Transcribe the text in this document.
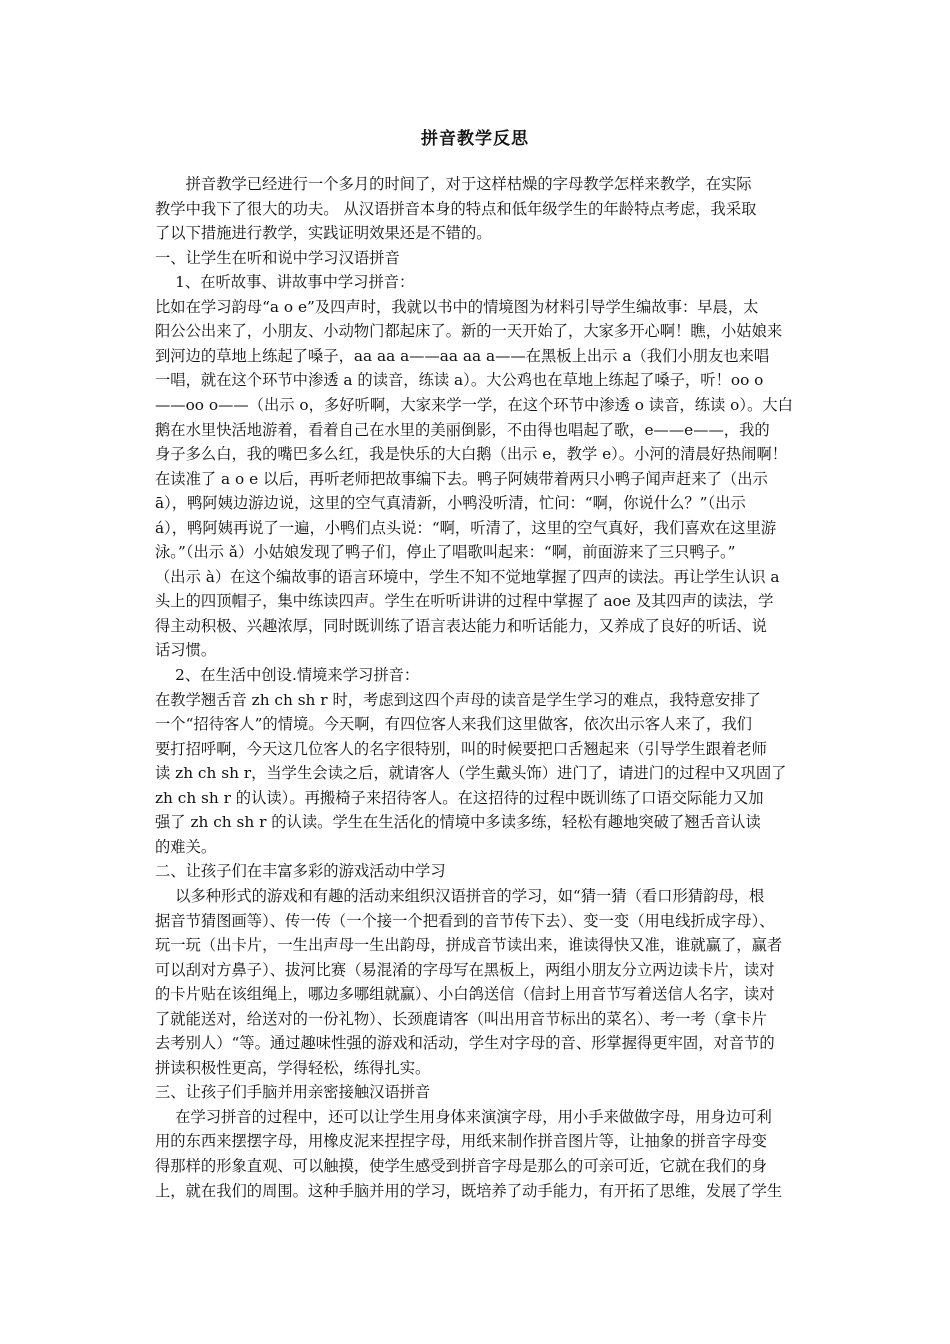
拼音教学反思
　　拼音教学已经进行一个多月的时间了，对于这样枯燥的字母教学怎样来教学，在实际
教学中我下了很大的功夫。 从汉语拼音本身的特点和低年级学生的年龄特点考虑，我采取
了以下措施进行教学，实践证明效果还是不错的。
一、让学生在听和说中学习汉语拼音
　 1、在听故事、讲故事中学习拼音：
比如在学习韵母“a o e”及四声时，我就以书中的情境图为材料引导学生编故事：早晨，太
阳公公出来了，小朋友、小动物门都起床了。新的一天开始了，大家多开心啊！瞧，小姑娘来
到河边的草地上练起了嗓子，aa aa a——aa aa a——在黑板上出示 a（我们小朋友也来唱
一唱，就在这个环节中渗透 a 的读音，练读 a）。大公鸡也在草地上练起了嗓子，听！oo o
——oo o——（出示 o，多好听啊，大家来学一学，在这个环节中渗透 o 读音，练读 o）。大白
鹅在水里快活地游着，看着自己在水里的美丽倒影，不由得也唱起了歌，e——e——，我的
身子多么白，我的嘴巴多么红，我是快乐的大白鹅（出示 e，教学 e）。小河的清晨好热闹啊！
在读准了 a o e 以后，再听老师把故事编下去。鸭子阿姨带着两只小鸭子闻声赶来了（出示
ā），鸭阿姨边游边说，这里的空气真清新，小鸭没听清，忙问：“啊，你说什么？”（出示
á），鸭阿姨再说了一遍，小鸭们点头说：“啊，听清了，这里的空气真好，我们喜欢在这里游
泳。”（出示 ǎ）小姑娘发现了鸭子们，停止了唱歌叫起来：“啊，前面游来了三只鸭子。”
（出示 à）在这个编故事的语言环境中，学生不知不觉地掌握了四声的读法。再让学生认识 a
头上的四顶帽子，集中练读四声。学生在听听讲讲的过程中掌握了 aoe 及其四声的读法，学
得主动积极、兴趣浓厚，同时既训练了语言表达能力和听话能力，又养成了良好的听话、说
话习惯。
　 2、在生活中创设.情境来学习拼音：
在教学翘舌音 zh ch sh r 时，考虑到这四个声母的读音是学生学习的难点，我特意安排了
一个“招待客人”的情境。今天啊，有四位客人来我们这里做客，依次出示客人来了，我们
要打招呼啊，今天这几位客人的名字很特别，叫的时候要把口舌翘起来（引导学生跟着老师
读 zh ch sh r，当学生会读之后，就请客人（学生戴头饰）进门了，请进门的过程中又巩固了
zh ch sh r 的认读）。再搬椅子来招待客人。在这招待的过程中既训练了口语交际能力又加
强了 zh ch sh r 的认读。学生在生活化的情境中多读多练，轻松有趣地突破了翘舌音认读
的难关。
二、让孩子们在丰富多彩的游戏活动中学习
　 以多种形式的游戏和有趣的活动来组织汉语拼音的学习，如“猜一猜（看口形猜韵母，根
据音节猜图画等）、传一传（一个接一个把看到的音节传下去）、变一变（用电线折成字母）、
玩一玩（出卡片，一生出声母一生出韵母，拼成音节读出来，谁读得快又准，谁就赢了，赢者
可以刮对方鼻子）、拔河比赛（易混淆的字母写在黑板上，两组小朋友分立两边读卡片，读对
的卡片贴在该组绳上，哪边多哪组就赢）、小白鸽送信（信封上用音节写着送信人名字，读对
了就能送对，给送对的一份礼物）、长颈鹿请客（叫出用音节标出的菜名）、考一考（拿卡片
去考别人）“等。通过趣味性强的游戏和活动，学生对字母的音、形掌握得更牢固，对音节的
拼读积极性更高，学得轻松，练得扎实。
三、让孩子们手脑并用亲密接触汉语拼音
　 在学习拼音的过程中，还可以让学生用身体来演演字母，用小手来做做字母，用身边可利
用的东西来摆摆字母，用橡皮泥来捏捏字母，用纸来制作拼音图片等，让抽象的拼音字母变
得那样的形象直观、可以触摸，使学生感受到拼音字母是那么的可亲可近，它就在我们的身
上，就在我们的周围。这种手脑并用的学习，既培养了动手能力，有开拓了思维，发展了学生
